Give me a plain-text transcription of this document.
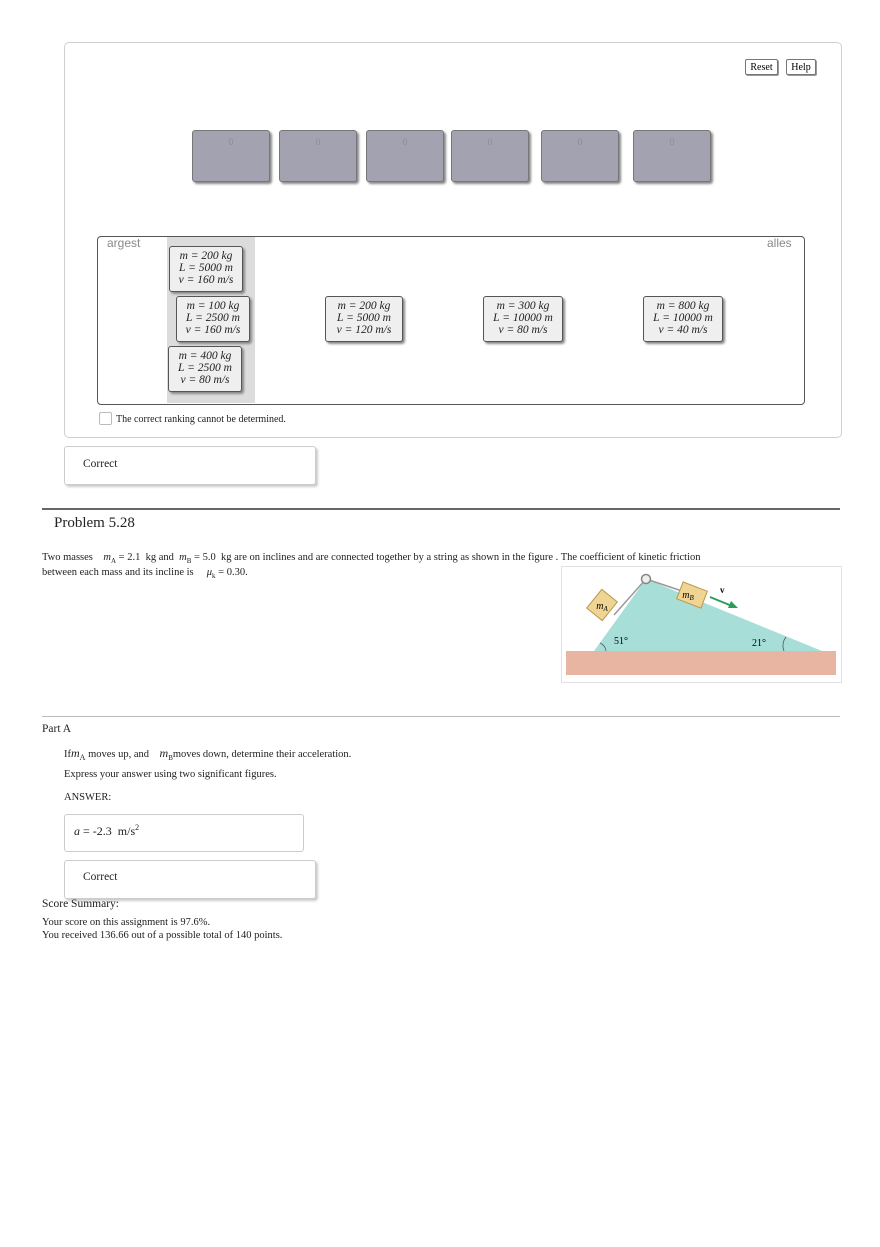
Reset	Help
0	0	0	0	0	0
argest	alles
m = 200 kg
L = 5000 m
v = 160 m/s
m = 100 kg
L = 2500 m
v = 160 m/s
m = 400 kg
L = 2500 m
v = 80 m/s
m = 200 kg
L = 5000 m
v = 120 m/s
m = 300 kg
L = 10000 m
v = 80 m/s
m = 800 kg
L = 10000 m
v = 40 m/s
The correct ranking cannot be determined.
Correct
Problem 5.28
Two masses $m_A = 2.1$ kg and $m_B = 5.0$ kg are on inclines and are connected together by a string as shown in the figure . The coefficient of kinetic friction
between each mass and its incline is $\mu_k = 0.30$.
$m_A$
$m_B$
v
51°	21°
Part A
Ifm$_A$ moves up, and $m_Bmoves$ down, determine their acceleration.
Express your answer using two significant figures.
ANSWER:
a = -2.3 $m/s^2$
Correct
Score Summary:
Your score on this assignment is 97.6%.
You received 136.66 out of a possible total of 140 points.
